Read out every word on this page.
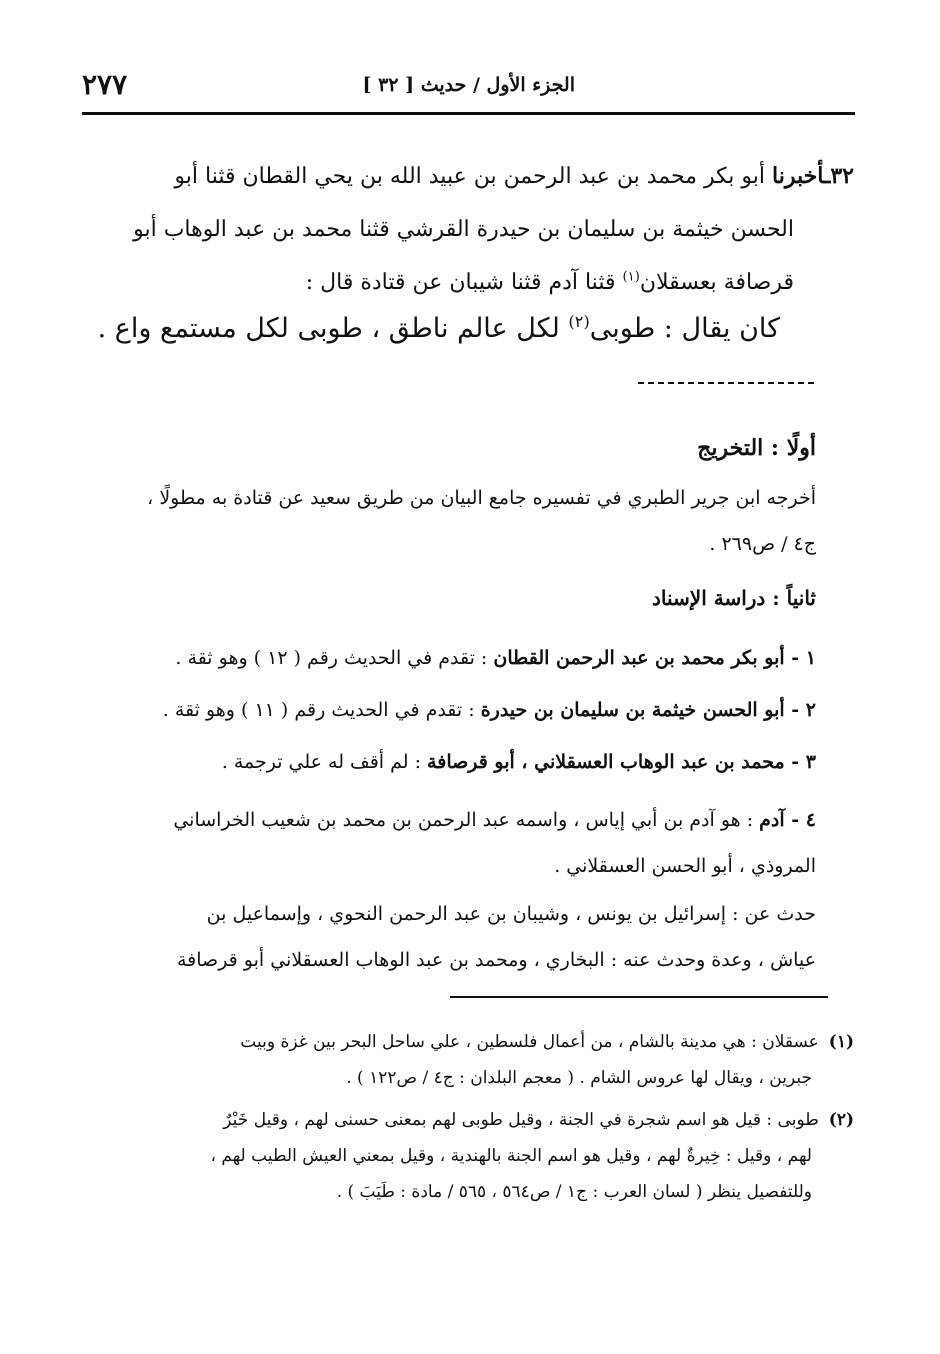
الجزء الأول / حديث [ ٣٢ ]
٢٧٧
٣٢ـأخبرنا أبو بكر محمد بن عبد الرحمن بن عبيد الله بن يحي القطان قثنا أبو
الحسن خيثمة بن سليمان بن حيدرة القرشي قثنا محمد بن عبد الوهاب أبو
قرصافة بعسقلان$^{(١)}$ قثنا آدم قثنا شيبان عن قتادة قال :
كان يقال : طوبى$^{(٢)}$ لكل عالم ناطق ، طوبى لكل مستمع واع .
أولًا : التخريج
أخرجه ابن جرير الطبري في تفسيره جامع البيان من طريق سعيد عن قتادة به مطولًا ،
ج٤ / ص٢٦٩ .
ثانياً : دراسة الإسناد
١ - أبو بكر محمد بن عبد الرحمن القطان : تقدم في الحديث رقم ( ١٢ ) وهو ثقة .
٢ - أبو الحسن خيثمة بن سليمان بن حيدرة : تقدم في الحديث رقم ( ١١ ) وهو ثقة .
٣ - محمد بن عبد الوهاب العسقلاني ، أبو قرصافة : لم أقف له علي ترجمة .
٤ - آدم : هو آدم بن أبي إياس ، واسمه عبد الرحمن بن محمد بن شعيب الخراساني
المروذي ، أبو الحسن العسقلاني .
حدث عن : إسرائيل بن يونس ، وشيبان بن عبد الرحمن النحوي ، وإسماعيل بن
عياش ، وعدة وحدث عنه : البخاري ، ومحمد بن عبد الوهاب العسقلاني أبو قرصافة
(١)عسقلان : هي مدينة بالشام ، من أعمال فلسطين ، علي ساحل البحر بين غزة وبيت
جبرين ، ويقال لها عروس الشام . ( معجم البلدان : ج٤ / ص١٢٢ ) .
(٢)طوبى : قيل هو اسم شجرة في الجنة ، وقيل طوبى لهم بمعنى حسنى لهم ، وقيل خَيْرٌ
لهم ، وقيل : خِيرةٌ لهم ، وقيل هو اسم الجنة بالهندية ، وقيل بمعني العيش الطيب لهم ،
وللتفصيل ينظر ( لسان العرب : ج١ / ص٥٦٤ ، ٥٦٥ / مادة : طَيَبَ ) .
